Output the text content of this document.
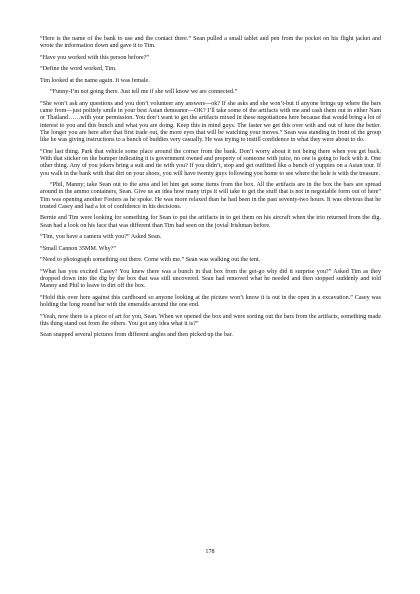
“Here is the name of the bank to use and the contact there.” Sean pulled a small tablet and pen from the pocket on his flight jacket and wrote the information down and gave it to Tim.

“Have you worked with this person before?”

“Define the word worked, Tim.

Tim looked at the name again. It was female.

“Funny-I’m not going there. Just tell me if she will know we are connected.”

“She won’t ask any questions and you don’t volunteer any answers—ok? If she asks and she won’t-but if anyone brings up where the bars came from—just politely smile in your best Asian demeanor—OK? I’ll take some of the artifacts with me and cash them out in either Nam or Thailand……with your permission. You don’t want to get the artifacts mixed in these negotiations here because that would bring a lot of interest to you and this bunch and what you are doing. Keep this in mind guys. The faster we get this over with and out of here the better. The longer you are here after that first trade out, the more eyes that will be watching your moves.” Sean was standing in front of the group like he was giving instructions to a bunch of buddies very casually. He was trying to instill confidence in what they were about to do.

“One last thing. Park that vehicle some place around the corner from the bank. Don’t worry about it not being there when you get back. With that sticker on the bumper indicating it is government owned and property of someone with juice, no one is going to fuck with it. One other thing. Any of you jokers bring a suit and tie with you? If you didn’t, stop and get outfitted like a bunch of yuppies on a Asian tour. If you walk in the bank with that dirt on your shoes, you will have twenty guys following you home to see where the hole is with the treasure.

“Phil, Manny; take Sean out to the area and let him get some items from the box. All the artifacts are in the box the bars are spread around in the ammo containers, Sean. Give us an idea how many trips it will take to get the stuff that is not in negotiable form out of here” Tim was opening another Fosters as he spoke. He was more relaxed than he had been in the past seventy-two hours. It was obvious that he trusted Casey and had a lot of confidence in his decisions.

Bernie and Tim were looking for something for Sean to put the artifacts in to get them on his aircraft when the trio returned from the dig. Sean had a look on his face that was different than Tim had seen on the jovial Irishman before.

“Tim, you have a camera with you?” Asked Sean.

“Small Cannon 35MM. Why?”

“Need to photograph something out there. Come with me.” Sean was walking out the tent.

“What has you excited Casey? You knew there was a bunch in that box from the get-go why did it surprise you?” Asked Tim as they dropped down into the dig by the box that was still uncovered. Sean had removed what he needed and then stopped suddenly and told Manny and Phil to leave to dirt off the box.

“Hold this over here against this cardboard so anyone looking at the picture won’t know it is out in the open in a excavation.” Casey was holding the long round bar with the emeralds around the one end.

“Yeah, now there is a piece of art for you, Sean. When we opened the box and were sorting out the bars from the artifacts, something made this thing stand out from the others. You got any idea what it is?”

Sean snapped several pictures from different angles and then picked up the bar.

178
